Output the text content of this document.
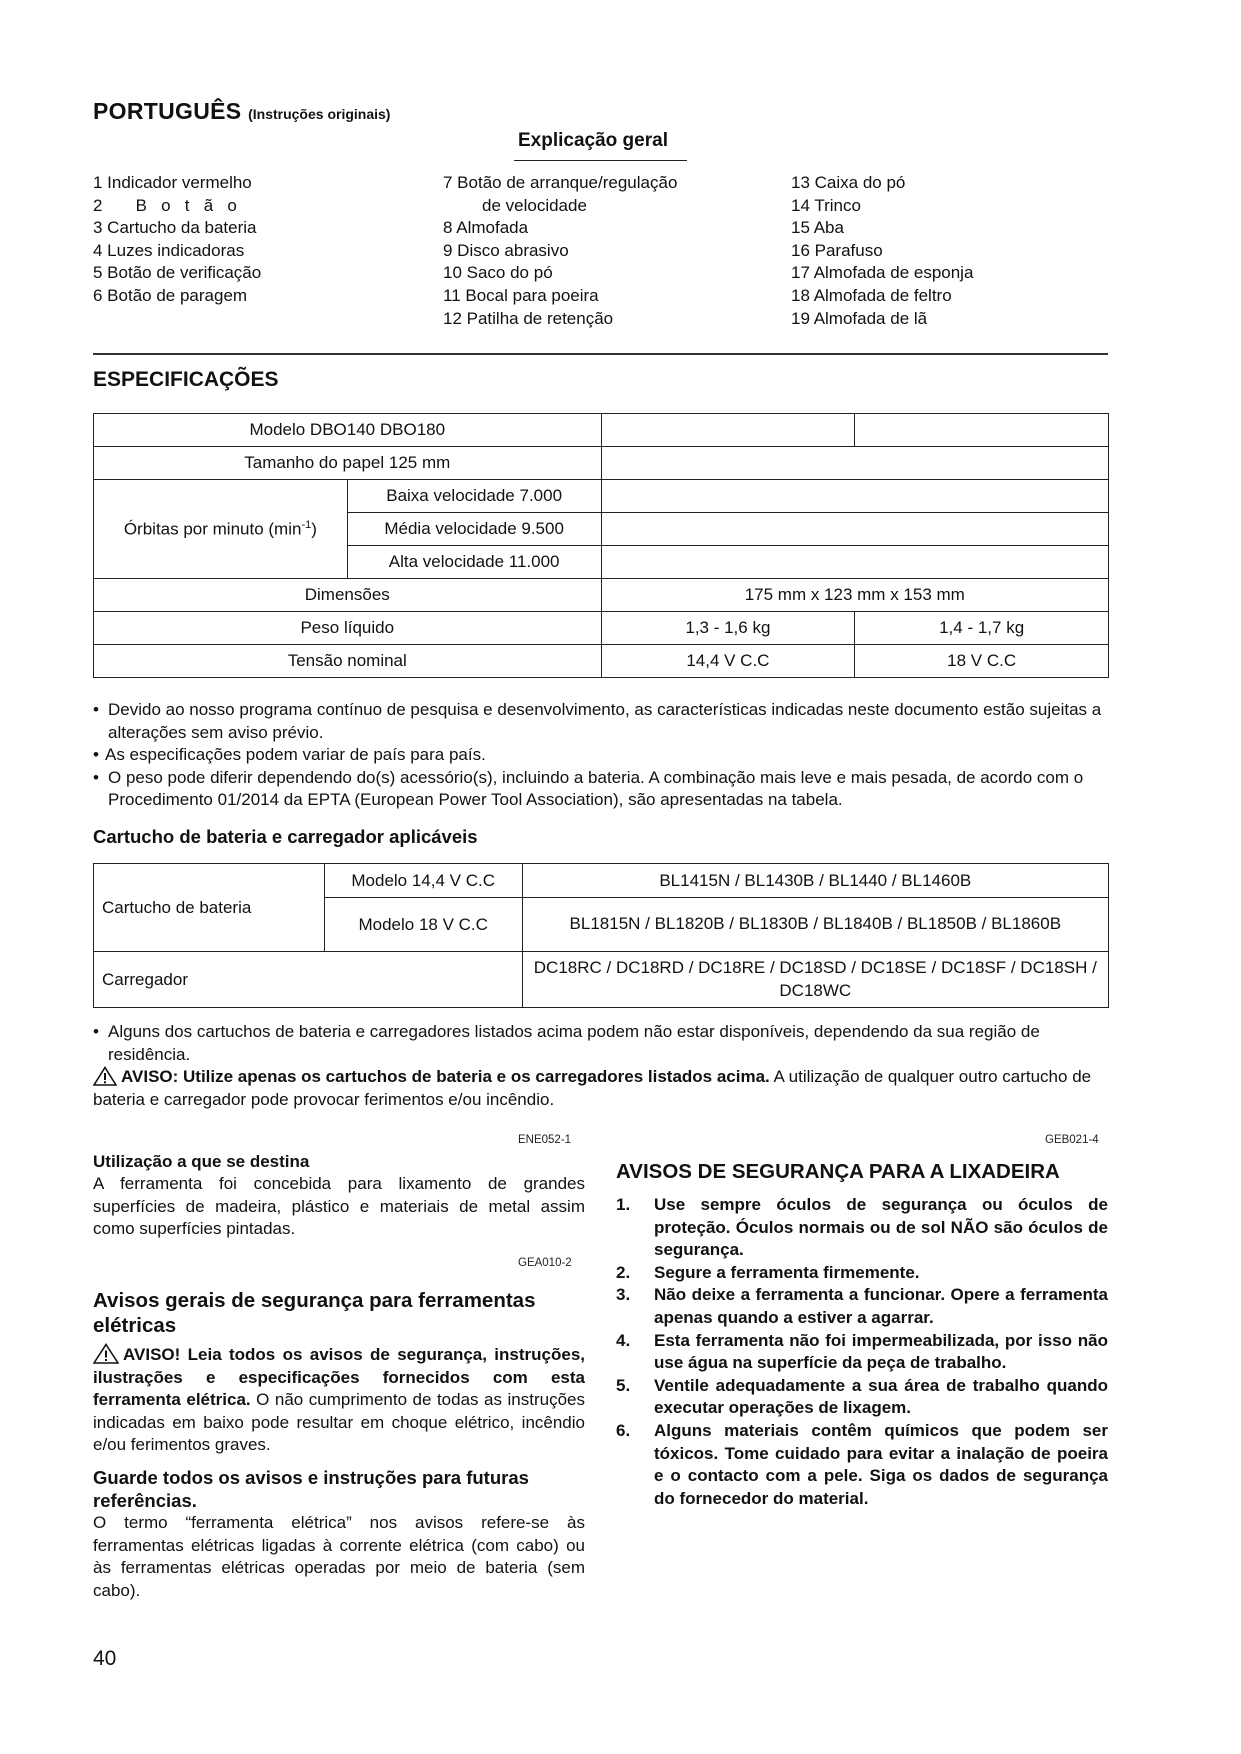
PORTUGUÊS (Instruções originais)
Explicação geral
1 Indicador vermelho
2 Botão
3 Cartucho da bateria
4 Luzes indicadoras
5 Botão de verificação
6 Botão de paragem
7 Botão de arranque/regulação
de velocidade
8 Almofada
9 Disco abrasivo
10 Saco do pó
11 Bocal para poeira
12 Patilha de retenção
13 Caixa do pó
14 Trinco
15 Aba
16 Parafuso
17 Almofada de esponja
18 Almofada de feltro
19 Almofada de lã
ESPECIFICAÇÕES
Modelo DBO140 DBO180			
Tamanho do papel 125 mm			
Órbitas por minuto $(\min^{-1})$	Baixa velocidade 7.000		
	Média velocidade 9.500		
	Alta velocidade 11.000		
Dimensões		175 mm x 123 mm x 153 mm	
Peso líquido		1,3 - 1,6 kg	1,4 - 1,7 kg
Tensão nominal		14,4 V C.C	18 V C.C
• Devido ao nosso programa contínuo de pesquisa e desenvolvimento, as características indicadas neste documento estão sujeitas a alterações sem aviso prévio.
• As especificações podem variar de país para país.
• O peso pode diferir dependendo do(s) acessório(s), incluindo a bateria. A combinação mais leve e mais pesada, de acordo com o Procedimento 01/2014 da EPTA (European Power Tool Association), são apresentadas na tabela.
Cartucho de bateria e carregador aplicáveis
Cartucho de bateria	Modelo 14,4 V C.C	BL1415N / BL1430B / BL1440 / BL1460B
	Modelo 18 V C.C	BL1815N / BL1820B / BL1830B / BL1840B / BL1850B / BL1860B
Carregador		DC18RC / DC18RD / DC18RE / DC18SD / DC18SE / DC18SF / DC18SH / DC18WC
• Alguns dos cartuchos de bateria e carregadores listados acima podem não estar disponíveis, dependendo da sua região de residência.
AVISO: Utilize apenas os cartuchos de bateria e os carregadores listados acima. A utilização de qualquer outro cartucho de bateria e carregador pode provocar ferimentos e/ou incêndio.
ENE052-1
Utilização a que se destina
A ferramenta foi concebida para lixamento de grandes superfícies de madeira, plástico e materiais de metal assim como superfícies pintadas.
GEA010-2
Avisos gerais de segurança para ferramentas elétricas
AVISO! Leia todos os avisos de segurança, instruções, ilustrações e especificações fornecidos com esta ferramenta elétrica. O não cumprimento de todas as instruções indicadas em baixo pode resultar em choque elétrico, incêndio e/ou ferimentos graves.
Guarde todos os avisos e instruções para futuras referências.
O termo “ferramenta elétrica” nos avisos refere-se às ferramentas elétricas ligadas à corrente elétrica (com cabo) ou às ferramentas elétricas operadas por meio de bateria (sem cabo).
GEB021-4
AVISOS DE SEGURANÇA PARA A LIXADEIRA
1. Use sempre óculos de segurança ou óculos de proteção. Óculos normais ou de sol NÃO são óculos de segurança.
2. Segure a ferramenta firmemente.
3. Não deixe a ferramenta a funcionar. Opere a ferramenta apenas quando a estiver a agarrar.
4. Esta ferramenta não foi impermeabilizada, por isso não use água na superfície da peça de trabalho.
5. Ventile adequadamente a sua área de trabalho quando executar operações de lixagem.
6. Alguns materiais contêm químicos que podem ser tóxicos. Tome cuidado para evitar a inalação de poeira e o contacto com a pele. Siga os dados de segurança do fornecedor do material.
40
